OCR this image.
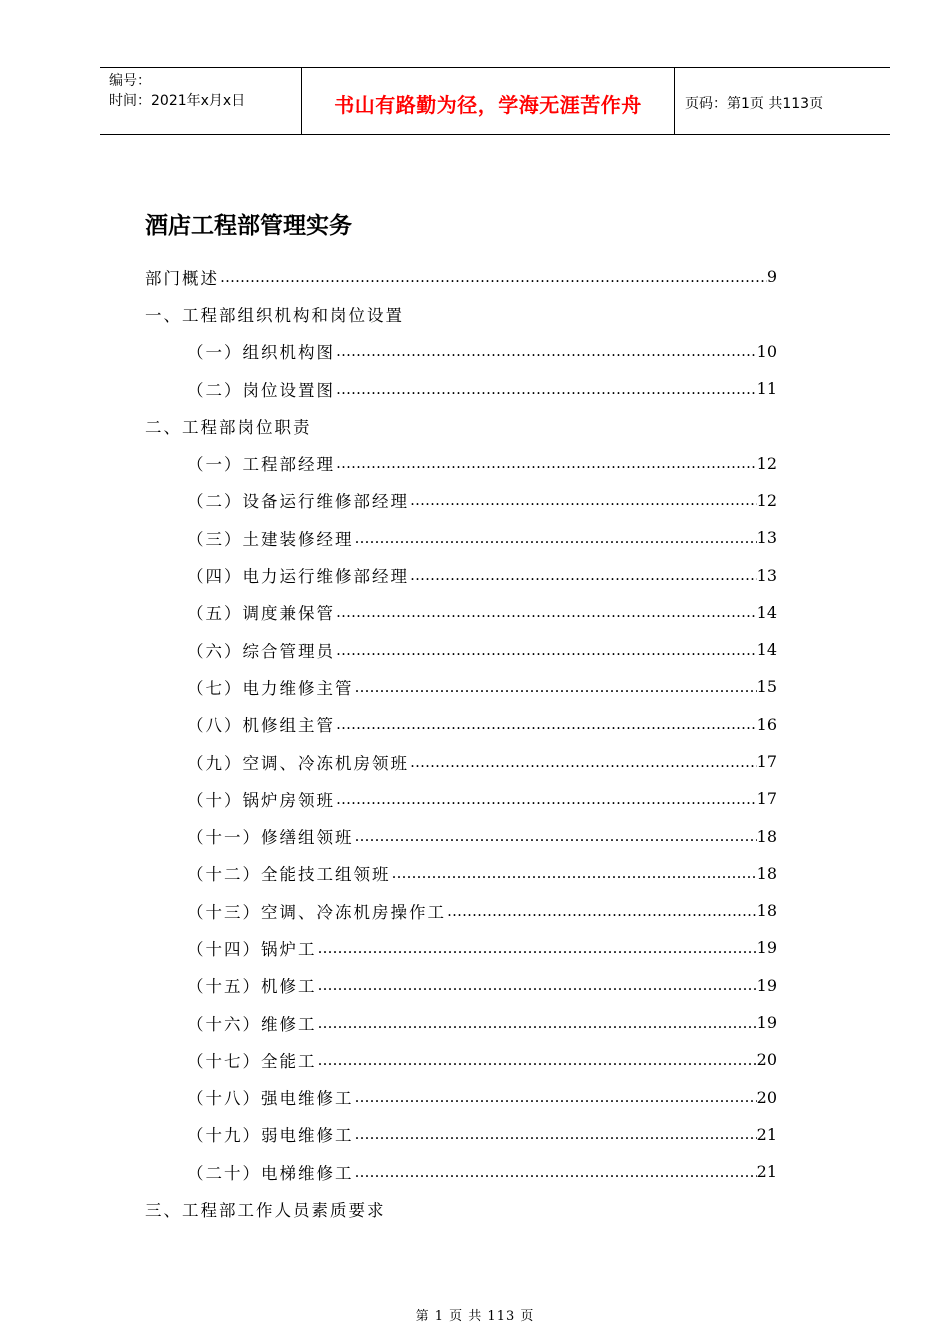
编号：
时间：2021年x月x日	书山有路勤为径，学海无涯苦作舟	页码：第1页 共113页
酒店工程部管理实务
部门概述 …………………………………………………………………………………………………………………………………………………………	9
一、工程部组织机构和岗位设置
（一）组织机构图 …………………………………………………………………………………………………………………………………………………………	10
（二）岗位设置图 …………………………………………………………………………………………………………………………………………………………	11
二、工程部岗位职责
（一）工程部经理 …………………………………………………………………………………………………………………………………………………………	12
（二）设备运行维修部经理 …………………………………………………………………………………………………………………………………………………………	12
（三）土建装修经理 …………………………………………………………………………………………………………………………………………………………	13
（四）电力运行维修部经理 …………………………………………………………………………………………………………………………………………………………	13
（五）调度兼保管 …………………………………………………………………………………………………………………………………………………………	14
（六）综合管理员 …………………………………………………………………………………………………………………………………………………………	14
（七）电力维修主管 …………………………………………………………………………………………………………………………………………………………	15
（八）机修组主管 …………………………………………………………………………………………………………………………………………………………	16
（九）空调、冷冻机房领班 …………………………………………………………………………………………………………………………………………………………	17
（十）锅炉房领班 …………………………………………………………………………………………………………………………………………………………	17
（十一）修缮组领班 …………………………………………………………………………………………………………………………………………………………	18
（十二）全能技工组领班 …………………………………………………………………………………………………………………………………………………………	18
（十三）空调、冷冻机房操作工 …………………………………………………………………………………………………………………………………………………………	18
（十四）锅炉工 …………………………………………………………………………………………………………………………………………………………	19
（十五）机修工 …………………………………………………………………………………………………………………………………………………………	19
（十六）维修工 …………………………………………………………………………………………………………………………………………………………	19
（十七）全能工 …………………………………………………………………………………………………………………………………………………………	20
（十八）强电维修工 …………………………………………………………………………………………………………………………………………………………	20
（十九）弱电维修工 …………………………………………………………………………………………………………………………………………………………	21
（二十）电梯维修工 …………………………………………………………………………………………………………………………………………………………	21
三、工程部工作人员素质要求
第 1 页 共 113 页
